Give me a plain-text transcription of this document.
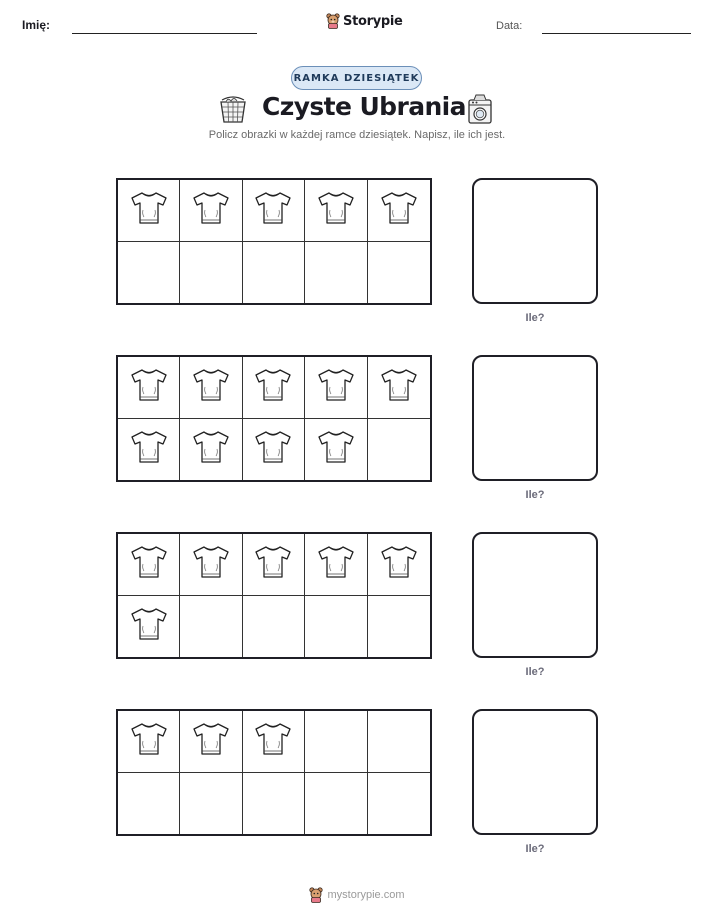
Imię:	Storypie	Data:
RAMKA DZIESIĄTEK
Czyste Ubrania
Policz obrazki w każdej ramce dziesiątek. Napisz, ile ich jest.
Ile?
Ile?
Ile?
Ile?
mystorypie.com
